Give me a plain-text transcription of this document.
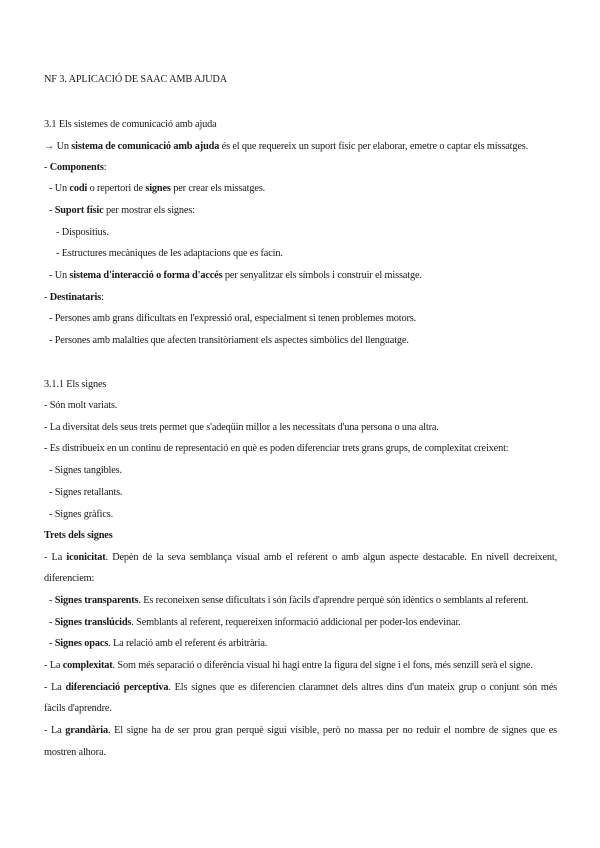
NF 3. APLICACIÓ DE SAAC AMB AJUDA
3.1 Els sistemes de comunicació amb ajuda
→ Un sistema de comunicació amb ajuda és el que requereix un suport físic per elaborar, emetre o captar els missatges.
- Components:
- Un codi o repertori de signes per crear els missatges.
- Suport físic per mostrar els signes:
- Dispositius.
- Estructures mecàniques de les adaptacions que es facin.
- Un sistema d'interacció o forma d'accés per senyalitzar els símbols i construir el missatge.
- Destinataris:
- Persones amb grans dificultats en l'expressió oral, especialment si tenen problemes motors.
- Persones amb malalties que afecten transitòriament els aspectes simbòlics del llenguatge.
3.1.1 Els signes
- Són molt variats.
- La diversitat dels seus trets permet que s'adeqüin millor a les necessitats d'una persona o una altra.
- Es distribueix en un continu de representació en què es poden diferenciar trets grans grups, de complexitat creixent:
- Signes tangibles.
- Signes retallants.
- Signes gràfics.
Trets dels signes
- La iconicitat. Depèn de la seva semblança visual amb el referent o amb algun aspecte destacable. En nivell decreixent,
diferenciem:
- Signes transparents. Es reconeixen sense dificultats i són fàcils d'aprendre perquè són idèntics o semblants al referent.
- Signes translúcids. Semblants al referent, requereixen informació addicional per poder-los endevinar.
- Signes opacs. La relació amb el referent és arbitrària.
- La complexitat. Som més separació o diferència visual hi hagi entre la figura del signe i el fons, més senzill serà el signe.
- La diferenciació perceptiva. Els signes que es diferencien claramnet dels altres dins d'un mateix grup o conjunt són més
fàcils d'aprendre.
- La grandària. El signe ha de ser prou gran perquè sigui visible, però no massa per no reduir el nombre de signes que es
mostren alhora.
